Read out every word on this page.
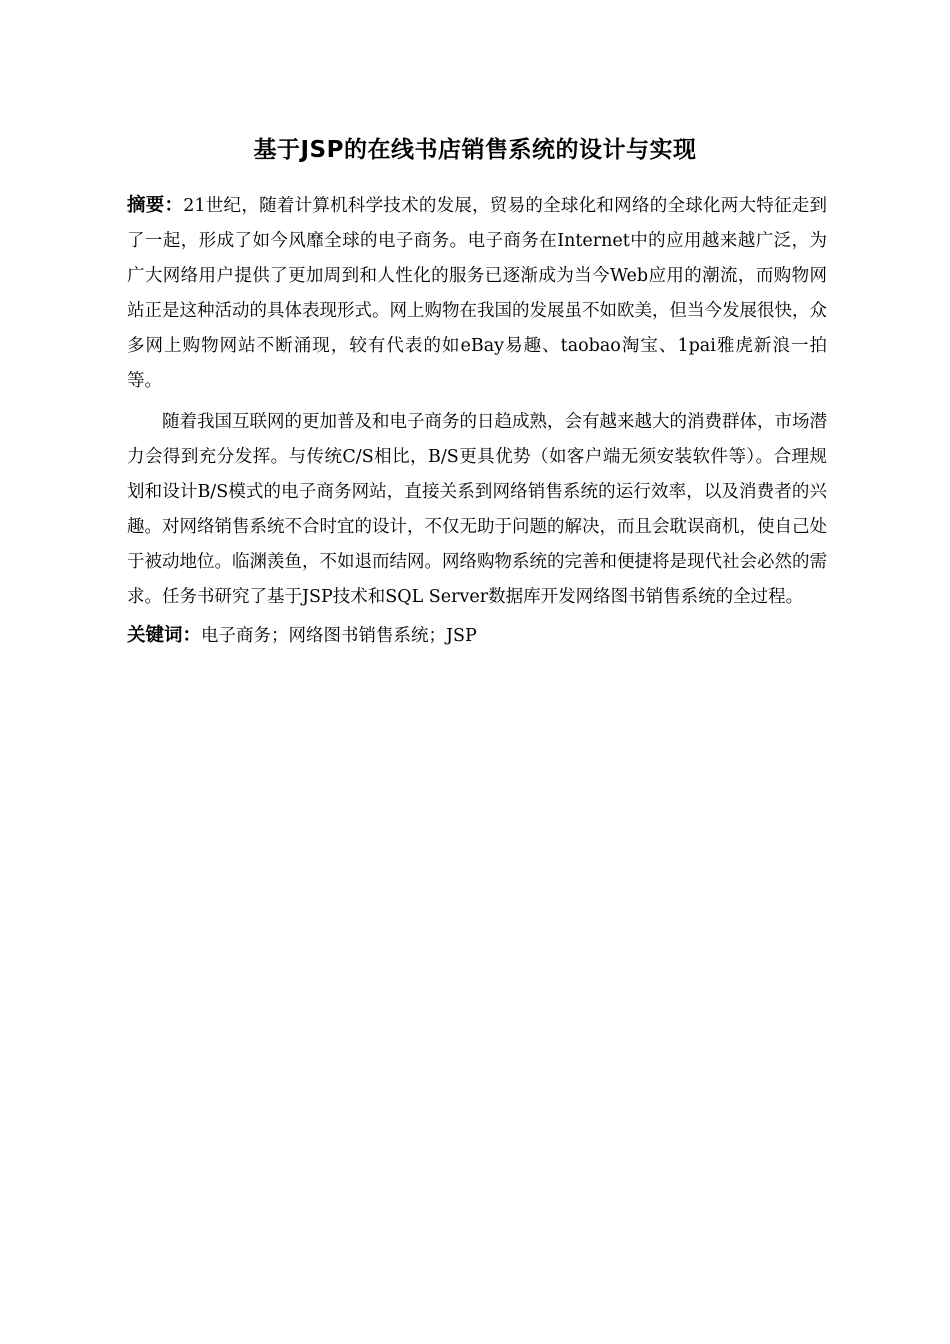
基于JSP的在线书店销售系统的设计与实现

摘要：21世纪，随着计算机科学技术的发展，贸易的全球化和网络的全球化两大特征走到了一起，形成了如今风靡全球的电子商务。电子商务在Internet中的应用越来越广泛，为广大网络用户提供了更加周到和人性化的服务已逐渐成为当今Web应用的潮流，而购物网站正是这种活动的具体表现形式。网上购物在我国的发展虽不如欧美，但当今发展很快，众多网上购物网站不断涌现，较有代表的如eBay易趣、taobao淘宝、1pai雅虎新浪一拍等。

随着我国互联网的更加普及和电子商务的日趋成熟，会有越来越大的消费群体，市场潜力会得到充分发挥。与传统C/S相比，B/S更具优势（如客户端无须安装软件等）。合理规划和设计B/S模式的电子商务网站，直接关系到网络销售系统的运行效率，以及消费者的兴趣。对网络销售系统不合时宜的设计，不仅无助于问题的解决，而且会耽误商机，使自己处于被动地位。临渊羡鱼，不如退而结网。网络购物系统的完善和便捷将是现代社会必然的需求。任务书研究了基于JSP技术和SQL Server数据库开发网络图书销售系统的全过程。

关键词：电子商务；网络图书销售系统；JSP
